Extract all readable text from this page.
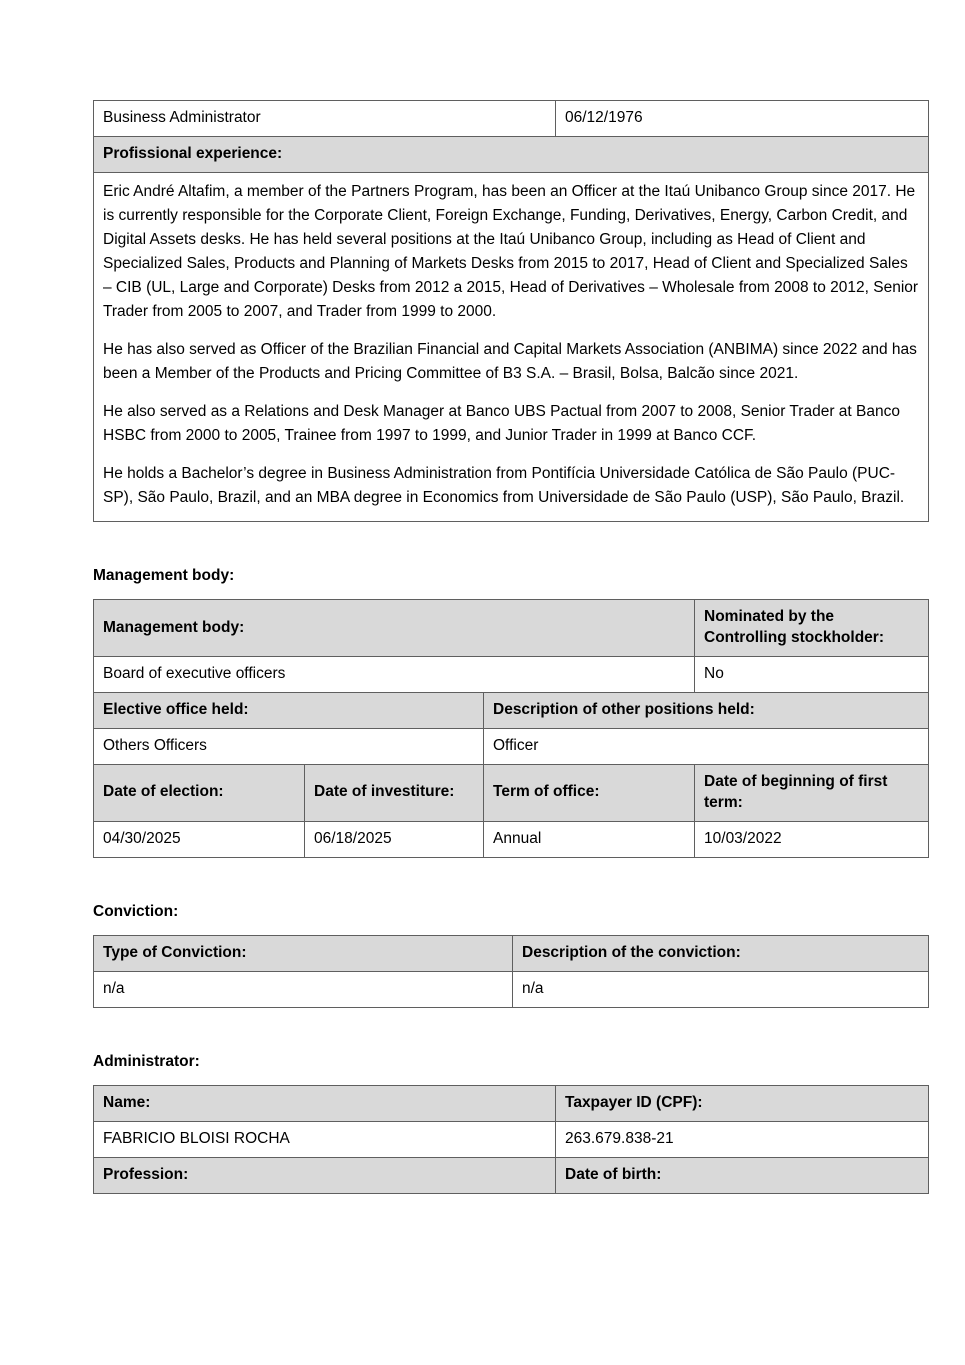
Business Administrator	06/12/1976
Profissional experience:

Eric André Altafim, a member of the Partners Program, has been an Officer at the Itaú Unibanco Group since 2017. He is currently responsible for the Corporate Client, Foreign Exchange, Funding, Derivatives, Energy, Carbon Credit, and Digital Assets desks. He has held several positions at the Itaú Unibanco Group, including as Head of Client and Specialized Sales, Products and Planning of Markets Desks from 2015 to 2017, Head of Client and Specialized Sales – CIB (UL, Large and Corporate) Desks from 2012 a 2015, Head of Derivatives – Wholesale from 2008 to 2012, Senior Trader from 2005 to 2007, and Trader from 1999 to 2000.

He has also served as Officer of the Brazilian Financial and Capital Markets Association (ANBIMA) since 2022 and has been a Member of the Products and Pricing Committee of B3 S.A. – Brasil, Bolsa, Balcão since 2021.

He also served as a Relations and Desk Manager at Banco UBS Pactual from 2007 to 2008, Senior Trader at Banco HSBC from 2000 to 2005, Trainee from 1997 to 1999, and Junior Trader in 1999 at Banco CCF.

He holds a Bachelor’s degree in Business Administration from Pontifícia Universidade Católica de São Paulo (PUC-SP), São Paulo, Brazil, and an MBA degree in Economics from Universidade de São Paulo (USP), São Paulo, Brazil.

Management body:
Management body:			Nominated by the Controlling stockholder:
Board of executive officers			No
Elective office held:		Description of other positions held:	
Others Officers		Officer	
Date of election:	Date of investiture:	Term of office:	Date of beginning of first term:
04/30/2025	06/18/2025	Annual	10/03/2022
Conviction:
Type of Conviction:	Description of the conviction:
n/a	n/a
Administrator:
Name:	Taxpayer ID (CPF):
FABRICIO BLOISI ROCHA	263.679.838-21
Profession:	Date of birth:
